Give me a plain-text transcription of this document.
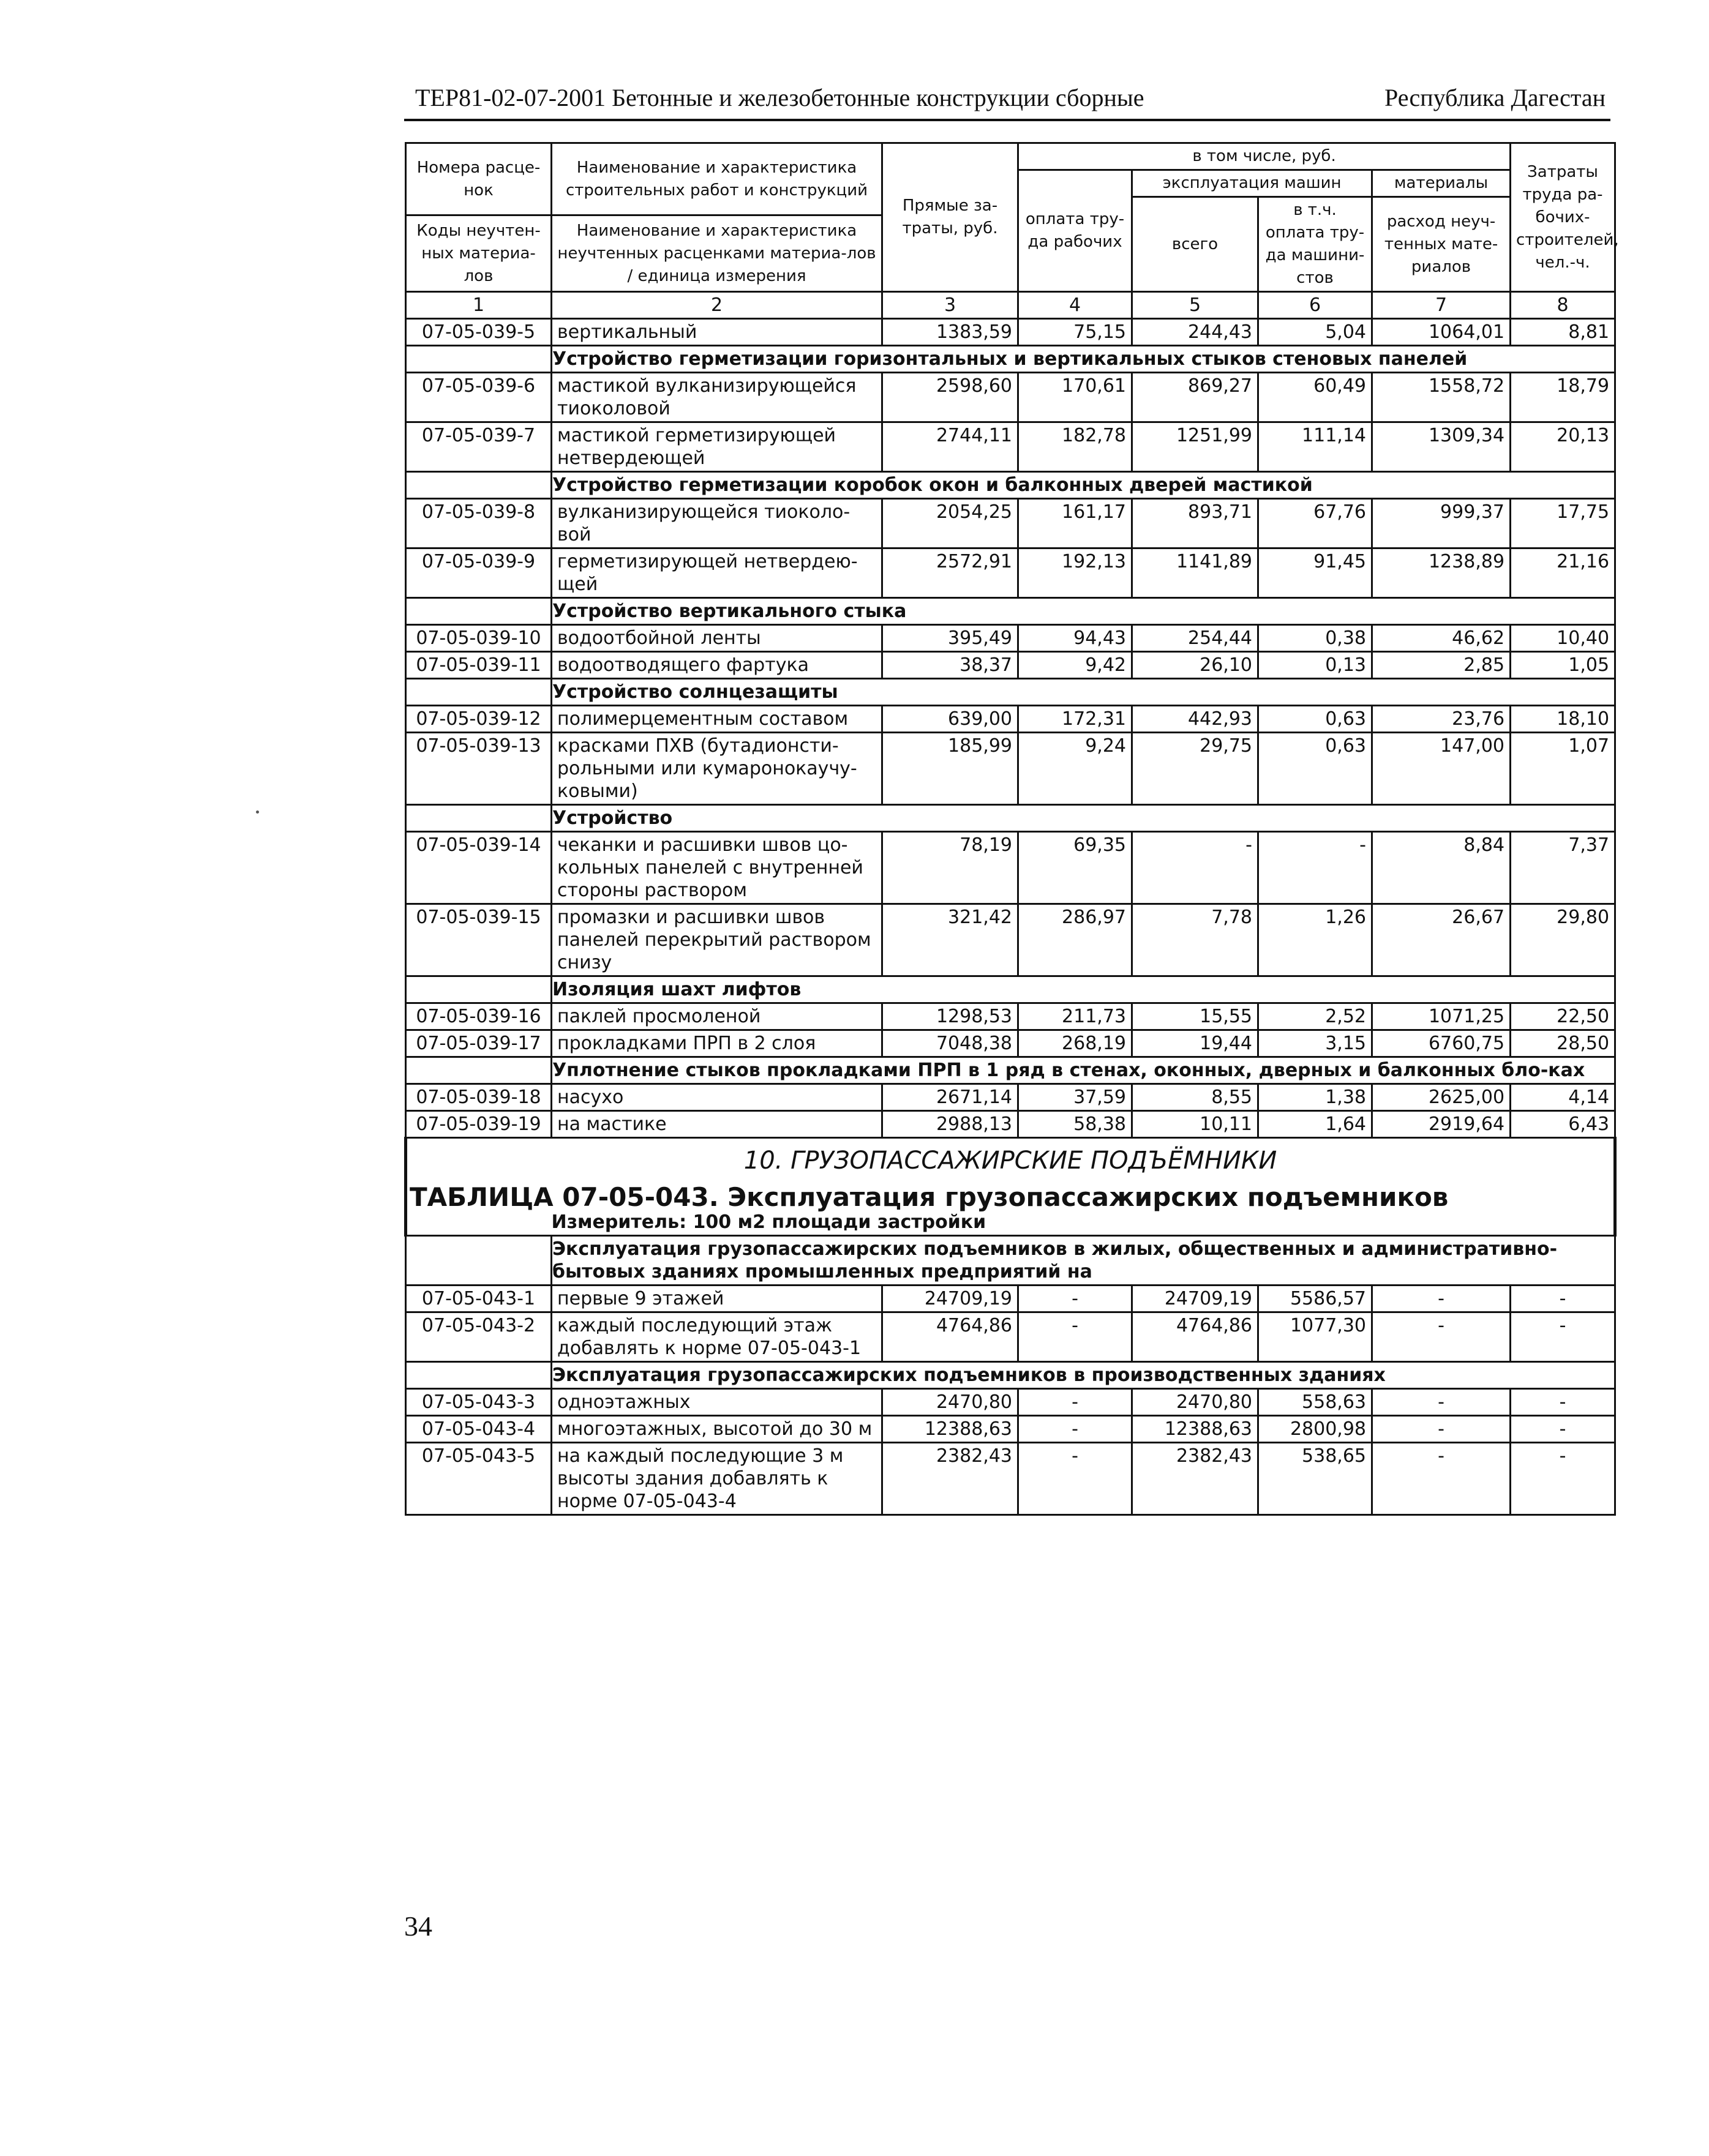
ТЕР81-02-07-2001 Бетонные и железобетонные конструкции сборные	Республика Дагестан
Номера расце-нок	Наименование и характеристика строительных работ и конструкций	Прямые за-траты, руб.	в том числе, руб.				Затраты труда ра-бочих-строителей, чел.-ч.
			оплата тру-да рабочих	эксплуатация машин		материалы	
				всего	в т.ч. оплата тру-да машини-стов	расход неуч-тенных мате-риалов	
Коды неучтен-ных материа-лов	Наименование и характеристика неучтенных расценками материа-лов / единица измерения						

1	2	3	4	5	6	7	8
07-05-039-5	вертикальный	1383,59	75,15	244,43	5,04	1064,01	8,81
	Устройство герметизации горизонтальных и вертикальных стыков стеновых панелей						
07-05-039-6	мастикой вулканизирующейся тиоколовой	2598,60	170,61	869,27	60,49	1558,72	18,79
07-05-039-7	мастикой герметизирующей нетвердеющей	2744,11	182,78	1251,99	111,14	1309,34	20,13
	Устройство герметизации коробок окон и балконных дверей мастикой						
07-05-039-8	вулканизирующейся тиоколо-вой	2054,25	161,17	893,71	67,76	999,37	17,75
07-05-039-9	герметизирующей нетвердею-щей	2572,91	192,13	1141,89	91,45	1238,89	21,16
	Устройство вертикального стыка						
07-05-039-10	водоотбойной ленты	395,49	94,43	254,44	0,38	46,62	10,40
07-05-039-11	водоотводящего фартука	38,37	9,42	26,10	0,13	2,85	1,05
	Устройство солнцезащиты						
07-05-039-12	полимерцементным составом	639,00	172,31	442,93	0,63	23,76	18,10
07-05-039-13	красками ПХВ (бутадионсти-рольными или кумаронокаучу-ковыми)	185,99	9,24	29,75	0,63	147,00	1,07
	Устройство						
07-05-039-14	чеканки и расшивки швов цо-кольных панелей с внутренней стороны раствором	78,19	69,35	-	-	8,84	7,37
07-05-039-15	промазки и расшивки швов панелей перекрытий раствором снизу	321,42	286,97	7,78	1,26	26,67	29,80
	Изоляция шахт лифтов						
07-05-039-16	паклей просмоленой	1298,53	211,73	15,55	2,52	1071,25	22,50
07-05-039-17	прокладками ПРП в 2 слоя	7048,38	268,19	19,44	3,15	6760,75	28,50
	Уплотнение стыков прокладками ПРП в 1 ряд в стенах, оконных, дверных и балконных бло-ках						
07-05-039-18	насухо	2671,14	37,59	8,55	1,38	2625,00	4,14
07-05-039-19	на мастике	2988,13	58,38	10,11	1,64	2919,64	6,43
10. ГРУЗОПАССАЖИРСКИЕ ПОДЪЁМНИКИ							
ТАБЛИЦА 07-05-043. Эксплуатация грузопассажирских подъемников							
	Измеритель: 100 м2 площади застройки						
	Эксплуатация грузопассажирских подъемников в жилых, общественных и административно-бытовых зданиях промышленных предприятий на						
07-05-043-1	первые 9 этажей	24709,19	-	24709,19	5586,57	-	-
07-05-043-2	каждый последующий этаж добавлять к норме 07-05-043-1	4764,86	-	4764,86	1077,30	-	-
	Эксплуатация грузопассажирских подъемников в производственных зданиях						
07-05-043-3	одноэтажных	2470,80	-	2470,80	558,63	-	-
07-05-043-4	многоэтажных, высотой до 30 м	12388,63	-	12388,63	2800,98	-	-
07-05-043-5	на каждый последующие 3 м высоты здания добавлять к норме 07-05-043-4	2382,43	-	2382,43	538,65	-	-
34
